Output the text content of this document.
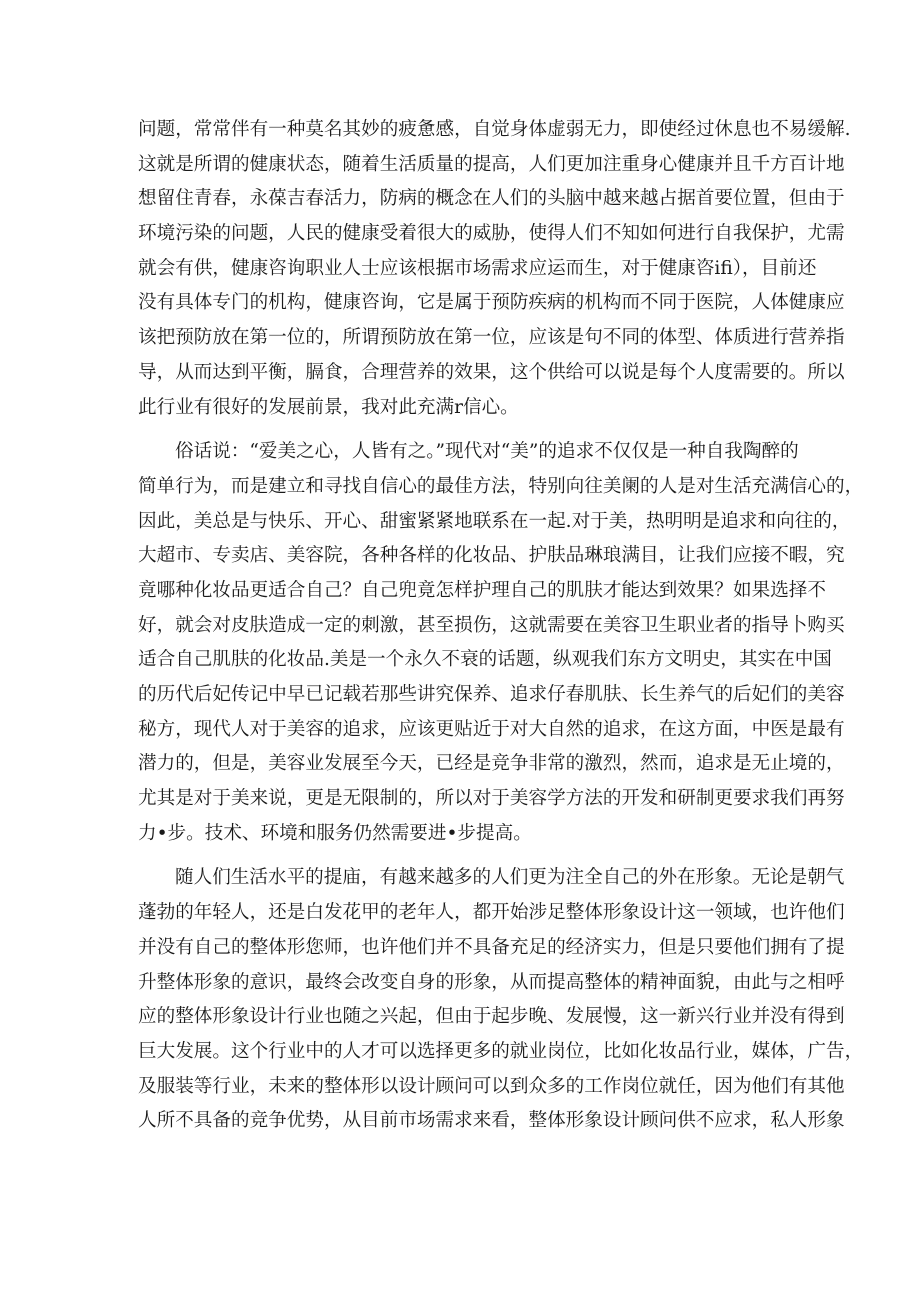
问题，常常伴有一种莫名其妙的疲惫感，自觉身体虚弱无力，即使经过休息也不易缓解.
这就是所谓的健康状态，随着生活质量的提高，人们更加注重身心健康并且千方百计地
想留住青春，永葆吉春活力，防病的概念在人们的头脑中越来越占据首要位置，但由于
环境污染的问题，人民的健康受着很大的威胁，使得人们不知如何进行自我保护，尤需
就会有供，健康咨询职业人士应该根据市场需求应运而生，对于健康咨ifi），目前还
没有具体专门的机构，健康咨询，它是属于预防疾病的机构而不同于医院，人体健康应
该把预防放在第一位的，所谓预防放在第一位，应该是句不同的体型、体质进行营养指
导，从而达到平衡，膈食，合理营养的效果，这个供给可以说是每个人度需要的。所以
此行业有很好的发展前景，我对此充满r信心。
俗话说：“爱美之心，人皆有之。”现代对“美”的追求不仅仅是一种自我陶醉的
简单行为，而是建立和寻找自信心的最佳方法，特别向往美阑的人是对生活充满信心的，
因此，美总是与快乐、开心、甜蜜紧紧地联系在一起.对于美，热明明是追求和向往的，
大超市、专卖店、美容院，各种各样的化妆品、护肤品琳琅满目，让我们应接不暇，究
竟哪种化妆品更适合自己？自己兜竟怎样护理自己的肌肤才能达到效果？如果选择不
好，就会对皮肤造成一定的刺激，甚至损伤，这就需要在美容卫生职业者的指导卜购买
适合自己肌肤的化妆品.美是一个永久不衰的话题，纵观我们东方文明史，其实在中国
的历代后妃传记中早已记载若那些讲究保养、追求仔春肌肤、长生养气的后妃们的美容
秘方，现代人对于美容的追求，应该更贴近于对大自然的追求，在这方面，中医是最有
潜力的，但是，美容业发展至今天，已经是竞争非常的激烈，然而，追求是无止境的，
尤其是对于美来说，更是无限制的，所以对于美容学方法的开发和研制更要求我们再努
力•步。技术、环境和服务仍然需要进•步提高。
随人们生活水平的提庙，有越来越多的人们更为注全自己的外在形象。无论是朝气
蓬勃的年轻人，还是白发花甲的老年人，都开始涉足整体形象设计这一领域，也许他们
并没有自己的整体形您师，也许他们并不具备充足的经济实力，但是只要他们拥有了提
升整体形象的意识，最终会改变自身的形象，从而提高整体的精神面貌，由此与之相呼
应的整体形象设计行业也随之兴起，但由于起步晚、发展慢，这一新兴行业并没有得到
巨大发展。这个行业中的人才可以选择更多的就业岗位，比如化妆品行业，媒体，广告，
及服装等行业，未来的整体形以设计顾问可以到众多的工作岗位就任，因为他们有其他
人所不具备的竞争优势，从目前市场需求来看，整体形象设计顾问供不应求，私人形象
